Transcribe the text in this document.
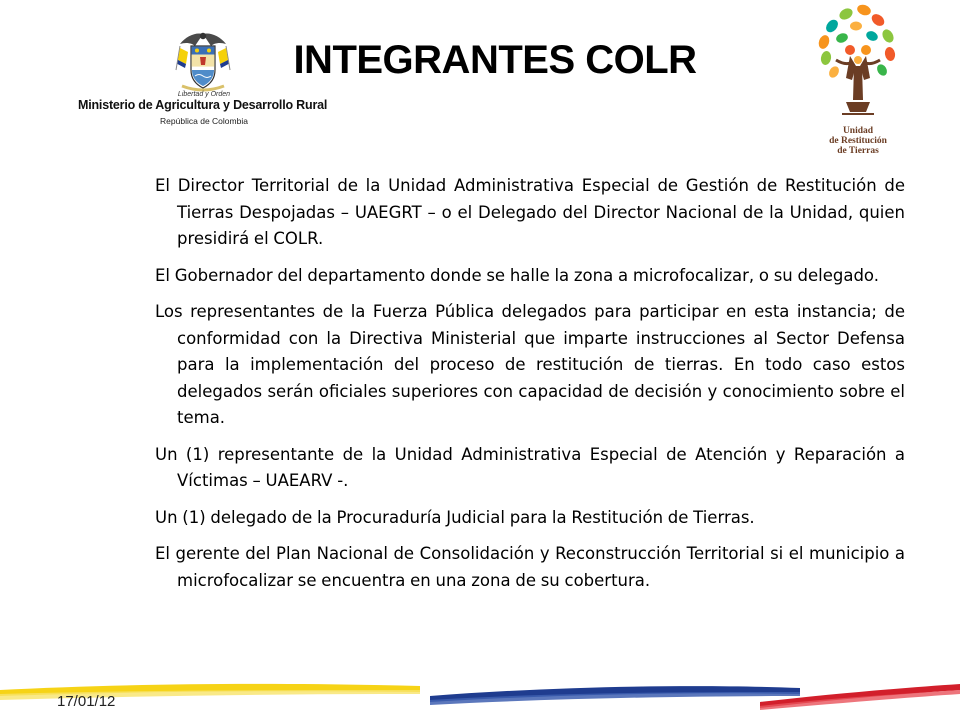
Libertad y Orden
Ministerio de Agricultura y Desarrollo Rural
República de Colombia
INTEGRANTES COLR
Unidad
de Restitución
de Tierras
El Director Territorial de la Unidad Administrativa Especial de Gestión de Restitución de Tierras Despojadas – UAEGRT – o el Delegado del Director Nacional de la Unidad, quien presidirá el COLR.
El Gobernador del departamento donde se halle la zona a microfocalizar, o su delegado.
Los representantes de la Fuerza Pública delegados para participar en esta instancia; de conformidad con la Directiva Ministerial que imparte instrucciones al Sector Defensa para la implementación del proceso de restitución de tierras. En todo caso estos delegados serán oficiales superiores con capacidad de decisión y conocimiento sobre el tema.
Un (1) representante de la Unidad Administrativa Especial de Atención y Reparación a Víctimas – UAEARV -.
Un (1) delegado de la Procuraduría Judicial para la Restitución de Tierras.
El gerente del Plan Nacional de Consolidación y Reconstrucción Territorial si el municipio a microfocalizar se encuentra en una zona de su cobertura.
17/01/12
